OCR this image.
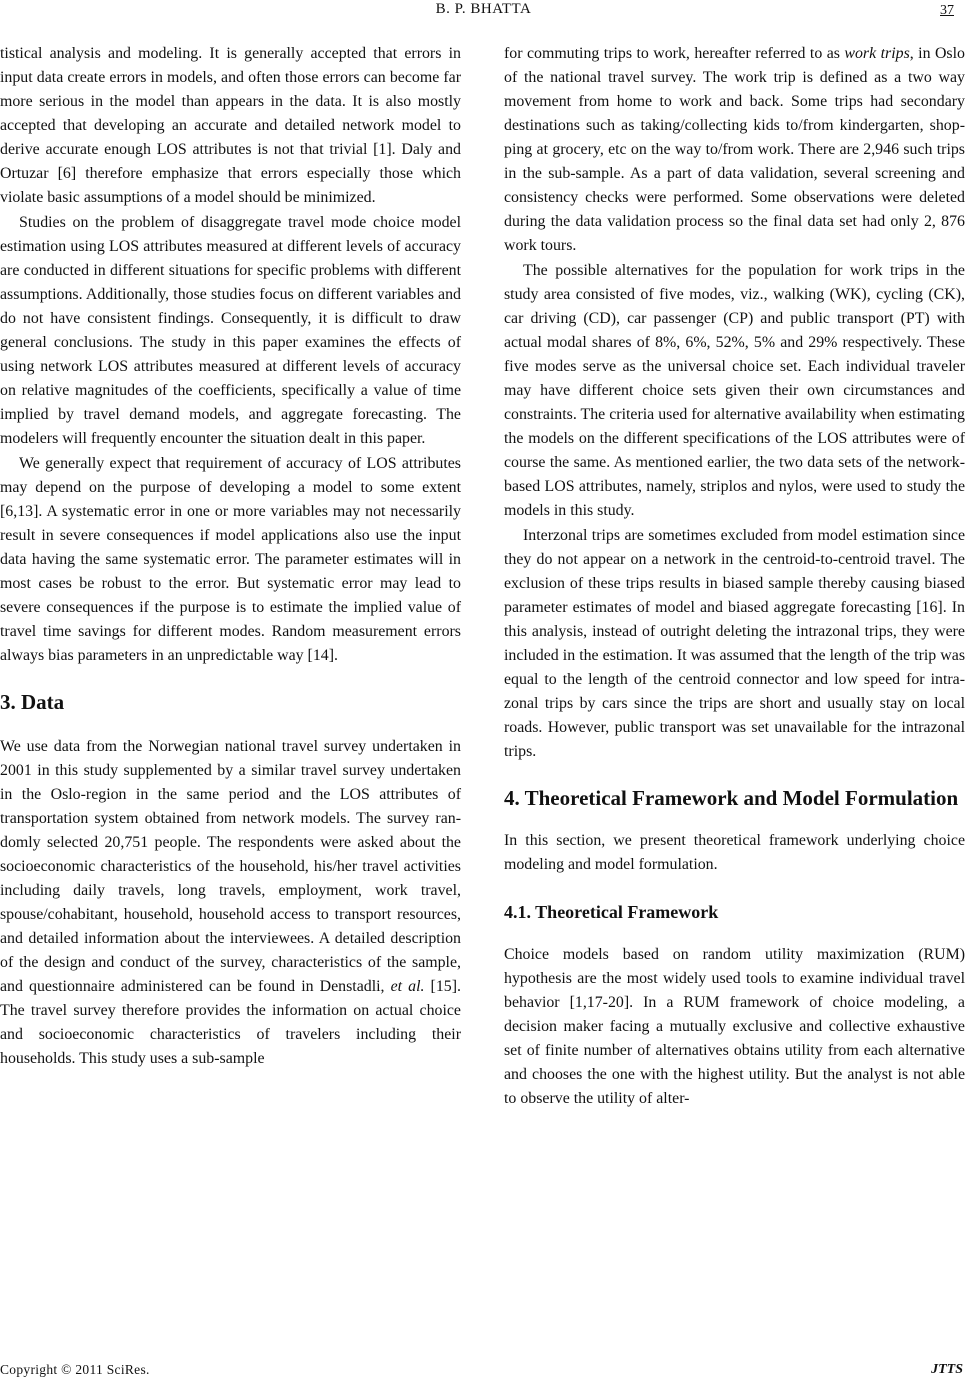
B. P. BHATTA	37

tistical analysis and modeling. It is generally accepted that errors in input data create errors in models, and often those errors can become far more serious in the model than appears in the data. It is also mostly accepted that developing an accurate and detailed network model to derive accurate enough LOS attributes is not that trivial [1]. Daly and Ortuzar [6] therefore emphasize that errors especially those which violate basic assumptions of a model should be minimized.

Studies on the problem of disaggregate travel mode choice model estimation using LOS attributes measured at different levels of accuracy are conducted in different situations for specific problems with different assumptions. Additionally, those studies focus on different variables and do not have consistent findings. Consequently, it is difficult to draw general conclusions. The study in this paper examines the effects of using network LOS attributes measured at different levels of accuracy on relative magnitudes of the coefficients, specifically a value of time implied by travel demand models, and aggregate forecasting. The modelers will frequently encounter the situation dealt in this paper.

We generally expect that requirement of accuracy of LOS attributes may depend on the purpose of developing a model to some extent [6,13]. A systematic error in one or more variables may not necessarily result in severe consequences if model applications also use the input data having the same systematic error. The parameter estimates will in most cases be robust to the error. But systematic error may lead to severe consequences if the purpose is to estimate the implied value of travel time savings for different modes. Random measurement errors always bias parameters in an unpredictable way [14].

3. Data

We use data from the Norwegian national travel survey undertaken in 2001 in this study supplemented by a similar travel survey undertaken in the Oslo-region in the same period and the LOS attributes of transportation system obtained from network models. The survey randomly selected 20,751 people. The respondents were asked about the socioeconomic characteristics of the household, his/her travel activities including daily travels, long travels, employment, work travel, spouse/cohabitant, household, household access to transport resources, and detailed information about the interviewees. A detailed description of the design and conduct of the survey, characteristics of the sample, and questionnaire administered can be found in Denstadli, et al. [15]. The travel survey therefore provides the information on actual choice and socioeconomic characteristics of travelers including their households. This study uses a sub-sample

for commuting trips to work, hereafter referred to as work trips, in Oslo of the national travel survey. The work trip is defined as a two way movement from home to work and back. Some trips had secondary destinations such as taking/collecting kids to/from kindergarten, shopping at grocery, etc on the way to/from work. There are 2,946 such trips in the sub-sample. As a part of data validation, several screening and consistency checks were performed. Some observations were deleted during the data validation process so the final data set had only 2, 876 work tours.

The possible alternatives for the population for work trips in the study area consisted of five modes, viz., walking (WK), cycling (CK), car driving (CD), car passenger (CP) and public transport (PT) with actual modal shares of 8%, 6%, 52%, 5% and 29% respectively. These five modes serve as the universal choice set. Each individual traveler may have different choice sets given their own circumstances and constraints. The criteria used for alternative availability when estimating the models on the different specifications of the LOS attributes were of course the same. As mentioned earlier, the two data sets of the network-based LOS attributes, namely, striplos and nylos, were used to study the models in this study.

Interzonal trips are sometimes excluded from model estimation since they do not appear on a network in the centroid-to-centroid travel. The exclusion of these trips results in biased sample thereby causing biased parameter estimates of model and biased aggregate forecasting [16]. In this analysis, instead of outright deleting the intrazonal trips, they were included in the estimation. It was assumed that the length of the trip was equal to the length of the centroid connector and low speed for intrazonal trips by cars since the trips are short and usually stay on local roads. However, public transport was set unavailable for the intrazonal trips.

4. Theoretical Framework and Model Formulation

In this section, we present theoretical framework underlying choice modeling and model formulation.

4.1. Theoretical Framework

Choice models based on random utility maximization (RUM) hypothesis are the most widely used tools to examine individual travel behavior [1,17-20]. In a RUM framework of choice modeling, a decision maker facing a mutually exclusive and collective exhaustive set of finite number of alternatives obtains utility from each alternative and chooses the one with the highest utility. But the analyst is not able to observe the utility of alter-

Copyright © 2011 SciRes.	JTTS
